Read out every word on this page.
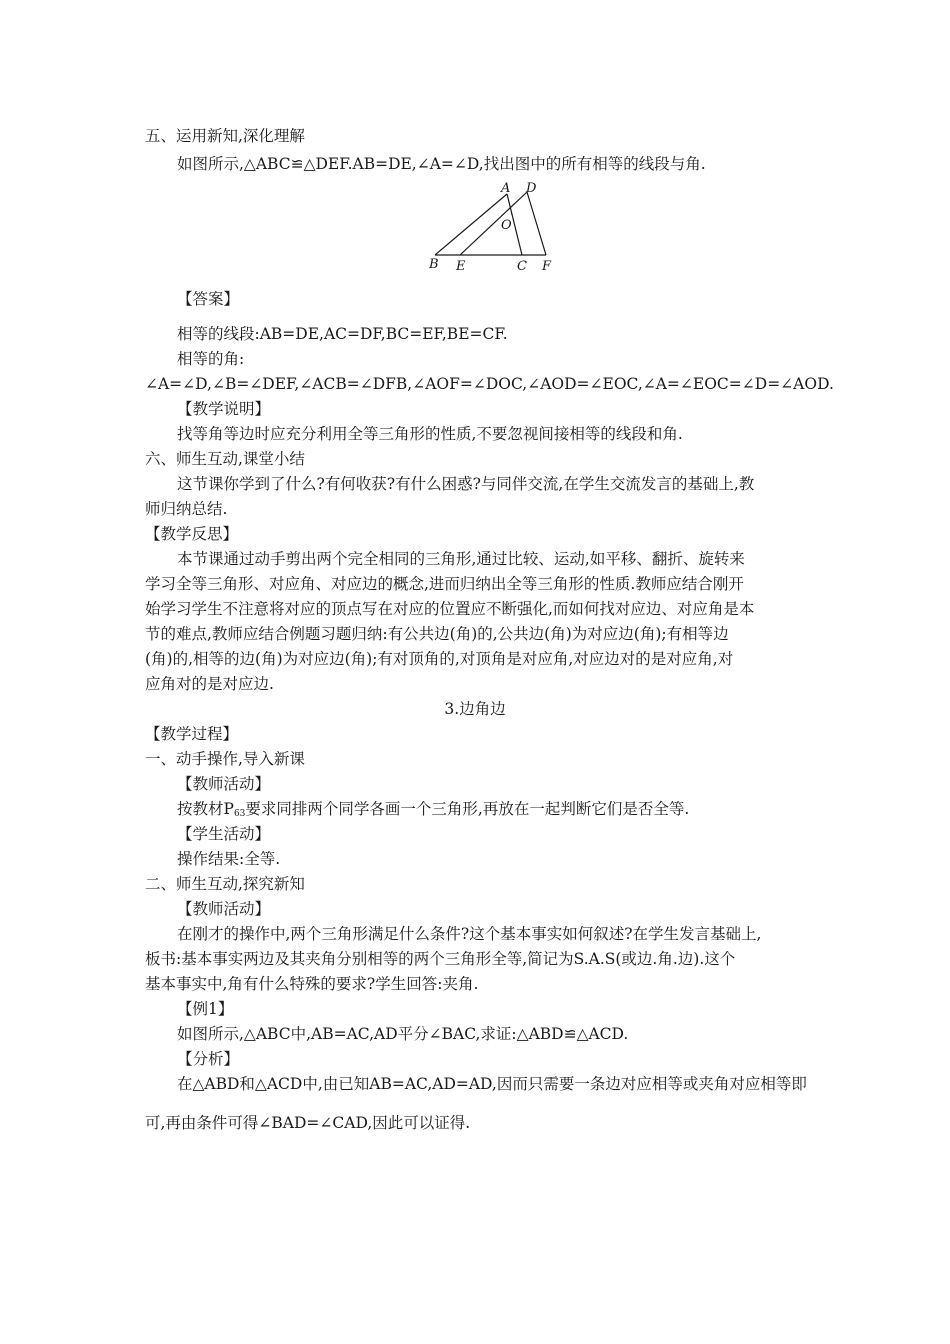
五、运用新知,深化理解
如图所示,△ABC≌△DEF.AB=DE,∠A=∠D,找出图中的所有相等的线段与角.
A D
O
B E	C F
【答案】
相等的线段:AB=DE,AC=DF,BC=EF,BE=CF.
相等的角:
∠A=∠D,∠B=∠DEF,∠ACB=∠DFB,∠AOF=∠DOC,∠AOD=∠EOC,∠A=∠EOC=∠D=∠AOD.
【教学说明】
找等角等边时应充分利用全等三角形的性质,不要忽视间接相等的线段和角.
六、师生互动,课堂小结
这节课你学到了什么?有何收获?有什么困惑?与同伴交流,在学生交流发言的基础上,教
师归纳总结.
【教学反思】
本节课通过动手剪出两个完全相同的三角形,通过比较、运动,如平移、翻折、旋转来
学习全等三角形、对应角、对应边的概念,进而归纳出全等三角形的性质.教师应结合刚开
始学习学生不注意将对应的顶点写在对应的位置应不断强化,而如何找对应边、对应角是本
节的难点,教师应结合例题习题归纳:有公共边(角)的,公共边(角)为对应边(角);有相等边
(角)的,相等的边(角)为对应边(角);有对顶角的,对顶角是对应角,对应边对的是对应角,对
应角对的是对应边.
3.边角边
【教学过程】
一、动手操作,导入新课
【教师活动】
按教材$P_{63}$要求同排两个同学各画一个三角形,再放在一起判断它们是否全等.
【学生活动】
操作结果:全等.
二、师生互动,探究新知
【教师活动】
在刚才的操作中,两个三角形满足什么条件?这个基本事实如何叙述?在学生发言基础上,
板书:基本事实两边及其夹角分别相等的两个三角形全等,简记为S.A.S(或边.角.边).这个
基本事实中,角有什么特殊的要求?学生回答:夹角.
【例1】
如图所示,△ABC中,AB=AC,AD平分∠BAC,求证:△ABD≌△ACD.
【分析】
在△ABD和△ACD中,由已知AB=AC,AD=AD,因而只需要一条边对应相等或夹角对应相等即
可,再由条件可得∠BAD=∠CAD,因此可以证得.
